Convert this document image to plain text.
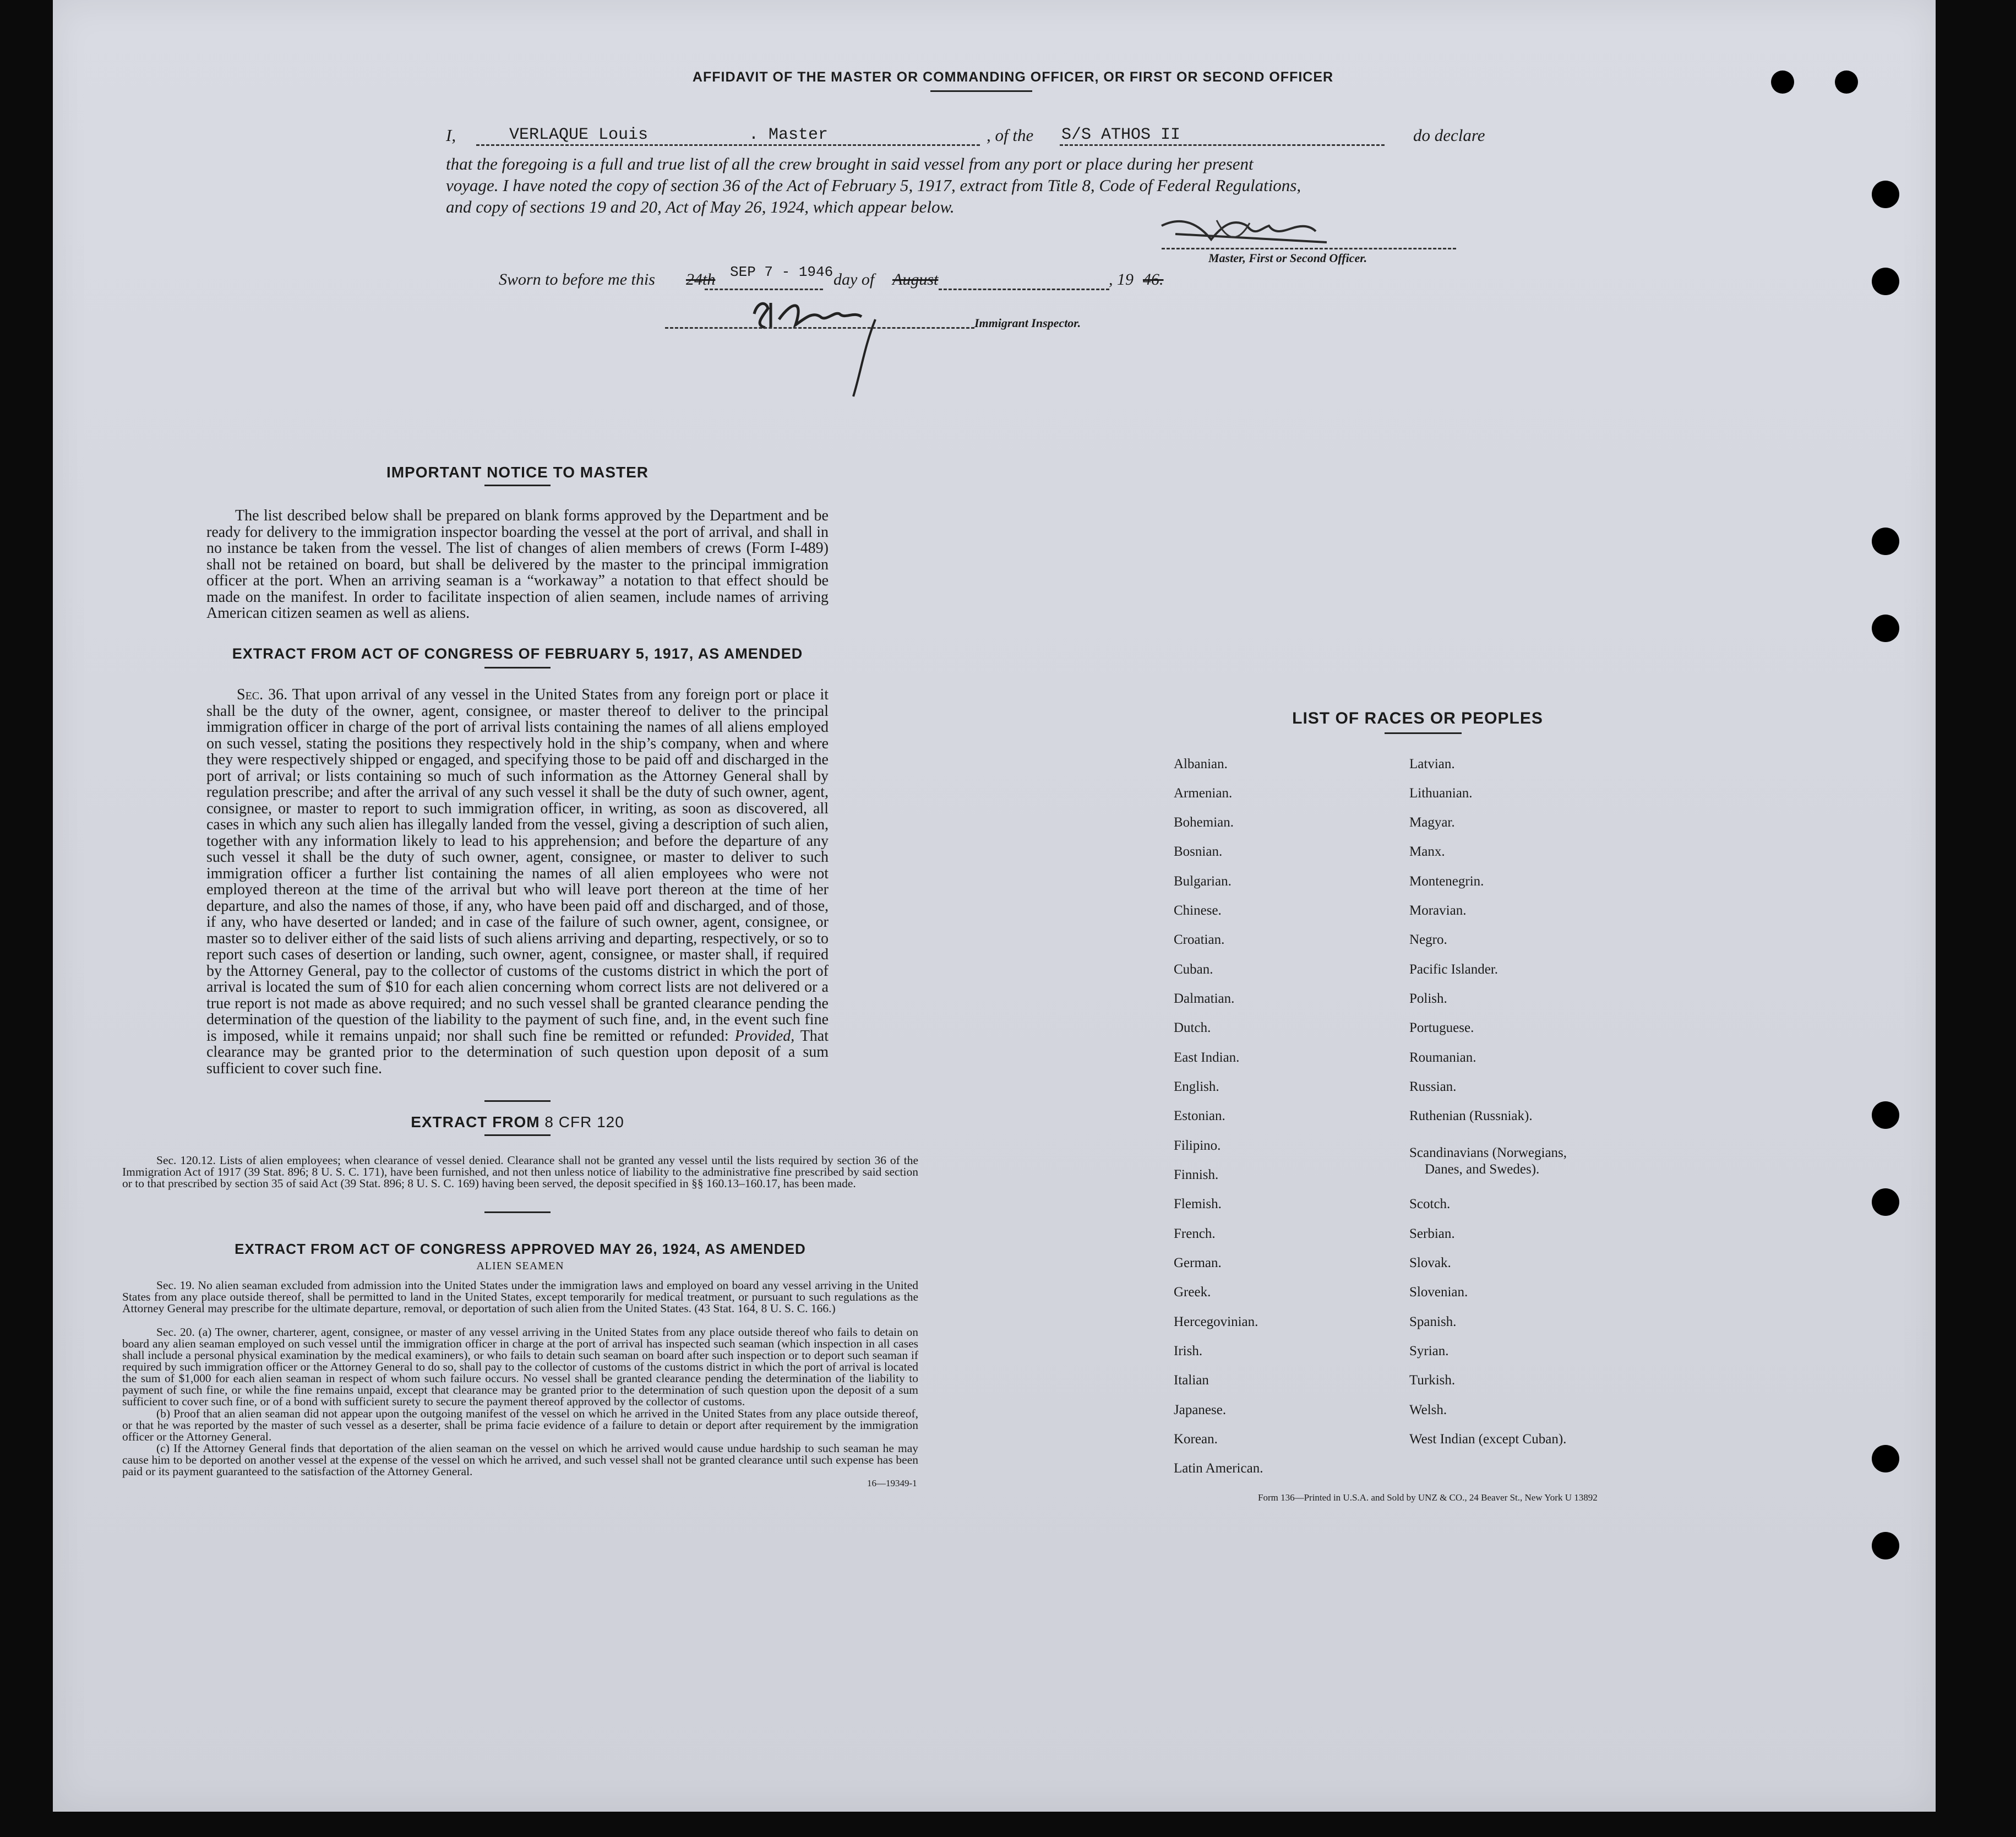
AFFIDAVIT OF THE MASTER OR COMMANDING OFFICER, OR FIRST OR SECOND OFFICER
I,	VERLAQUE Louis	. Master	, of the S/S ATHOS II	do declare
that the foregoing is a full and true list of all the crew brought in said vessel from any port or place during her present
voyage. I have noted the copy of section 36 of the Act of February 5, 1917, extract from Title 8, Code of Federal Regulations,
and copy of sections 19 and 20, Act of May 26, 1924, which appear below.
Master, First or Second Officer.
Sworn to before me this 24th SEP 7 - 1946 day of August	, 19 46.
Immigrant Inspector.
IMPORTANT NOTICE TO MASTER
The list described below shall be prepared on blank forms approved by the Department and be ready for delivery to the immigration inspector boarding the vessel at the port of arrival, and shall in no instance be taken from the vessel. The list of changes of alien members of crews (Form I-489) shall not be retained on board, but shall be delivered by the master to the principal immigration officer at the port. When an arriving seaman is a “workaway” a notation to that effect should be made on the manifest. In order to facilitate inspection of alien seamen, include names of arriving American citizen seamen as well as aliens.
EXTRACT FROM ACT OF CONGRESS OF FEBRUARY 5, 1917, AS AMENDED
Sec. 36. That upon arrival of any vessel in the United States from any foreign port or place it shall be the duty of the owner, agent, consignee, or master thereof to deliver to the principal immigration officer in charge of the port of arrival lists containing the names of all aliens employed on such vessel, stating the positions they respectively hold in the ship’s company, when and where they were respectively shipped or engaged, and specifying those to be paid off and discharged in the port of arrival; or lists containing so much of such information as the Attorney General shall by regulation prescribe; and after the arrival of any such vessel it shall be the duty of such owner, agent, consignee, or master to report to such immigration officer, in writing, as soon as discovered, all cases in which any such alien has illegally landed from the vessel, giving a description of such alien, together with any information likely to lead to his apprehension; and before the departure of any such vessel it shall be the duty of such owner, agent, consignee, or master to deliver to such immigration officer a further list containing the names of all alien employees who were not employed thereon at the time of the arrival but who will leave port thereon at the time of her departure, and also the names of those, if any, who have been paid off and discharged, and of those, if any, who have deserted or landed; and in case of the failure of such owner, agent, consignee, or master so to deliver either of the said lists of such aliens arriving and departing, respectively, or so to report such cases of desertion or landing, such owner, agent, consignee, or master shall, if required by the Attorney General, pay to the collector of customs of the customs district in which the port of arrival is located the sum of $10 for each alien concerning whom correct lists are not delivered or a true report is not made as above required; and no such vessel shall be granted clearance pending the determination of the question of the liability to the payment of such fine, and, in the event such fine is imposed, while it remains unpaid; nor shall such fine be remitted or refunded: Provided, That clearance may be granted prior to the determination of such question upon deposit of a sum sufficient to cover such fine.
EXTRACT FROM 8 CFR 120
Sec. 120.12. Lists of alien employees; when clearance of vessel denied. Clearance shall not be granted any vessel until the lists required by section 36 of the Immigration Act of 1917 (39 Stat. 896; 8 U. S. C. 171), have been furnished, and not then unless notice of liability to the administrative fine prescribed by said section or to that prescribed by section 35 of said Act (39 Stat. 896; 8 U. S. C. 169) having been served, the deposit specified in §§ 160.13–160.17, has been made.
EXTRACT FROM ACT OF CONGRESS APPROVED MAY 26, 1924, AS AMENDED
ALIEN SEAMEN
Sec. 19. No alien seaman excluded from admission into the United States under the immigration laws and employed on board any vessel arriving in the United States from any place outside thereof, shall be permitted to land in the United States, except temporarily for medical treatment, or pursuant to such regulations as the Attorney General may prescribe for the ultimate departure, removal, or deportation of such alien from the United States. (43 Stat. 164, 8 U. S. C. 166.)
Sec. 20. (a) The owner, charterer, agent, consignee, or master of any vessel arriving in the United States from any place outside thereof who fails to detain on board any alien seaman employed on such vessel until the immigration officer in charge at the port of arrival has inspected such seaman (which inspection in all cases shall include a personal physical examination by the medical examiners), or who fails to detain such seaman on board after such inspection or to deport such seaman if required by such immigration officer or the Attorney General to do so, shall pay to the collector of customs of the customs district in which the port of arrival is located the sum of $1,000 for each alien seaman in respect of whom such failure occurs. No vessel shall be granted clearance pending the determination of the liability to payment of such fine, or while the fine remains unpaid, except that clearance may be granted prior to the determination of such question upon the deposit of a sum sufficient to cover such fine, or of a bond with sufficient surety to secure the payment thereof approved by the collector of customs.
(b) Proof that an alien seaman did not appear upon the outgoing manifest of the vessel on which he arrived in the United States from any place outside thereof, or that he was reported by the master of such vessel as a deserter, shall be prima facie evidence of a failure to detain or deport after requirement by the immigration officer or the Attorney General.
(c) If the Attorney General finds that deportation of the alien seaman on the vessel on which he arrived would cause undue hardship to such seaman he may cause him to be deported on another vessel at the expense of the vessel on which he arrived, and such vessel shall not be granted clearance until such expense has been paid or its payment guaranteed to the satisfaction of the Attorney General.
16—19349-1
LIST OF RACES OR PEOPLES
Albanian.
Armenian.
Bohemian.
Bosnian.
Bulgarian.
Chinese.
Croatian.
Cuban.
Dalmatian.
Dutch.
East Indian.
English.
Estonian.
Filipino.
Finnish.
Flemish.
French.
German.
Greek.
Hercegovinian.
Irish.
Italian
Japanese.
Korean.
Latin American.
Latvian.
Lithuanian.
Magyar.
Manx.
Montenegrin.
Moravian.
Negro.
Pacific Islander.
Polish.
Portuguese.
Roumanian.
Russian.
Ruthenian (Russniak).
Scandinavians (Norwegians,
Danes, and Swedes).
Scotch.
Serbian.
Slovak.
Slovenian.
Spanish.
Syrian.
Turkish.
Welsh.
West Indian (except Cuban).
Form 136—Printed in U.S.A. and Sold by UNZ & CO., 24 Beaver St., New York U 13892
